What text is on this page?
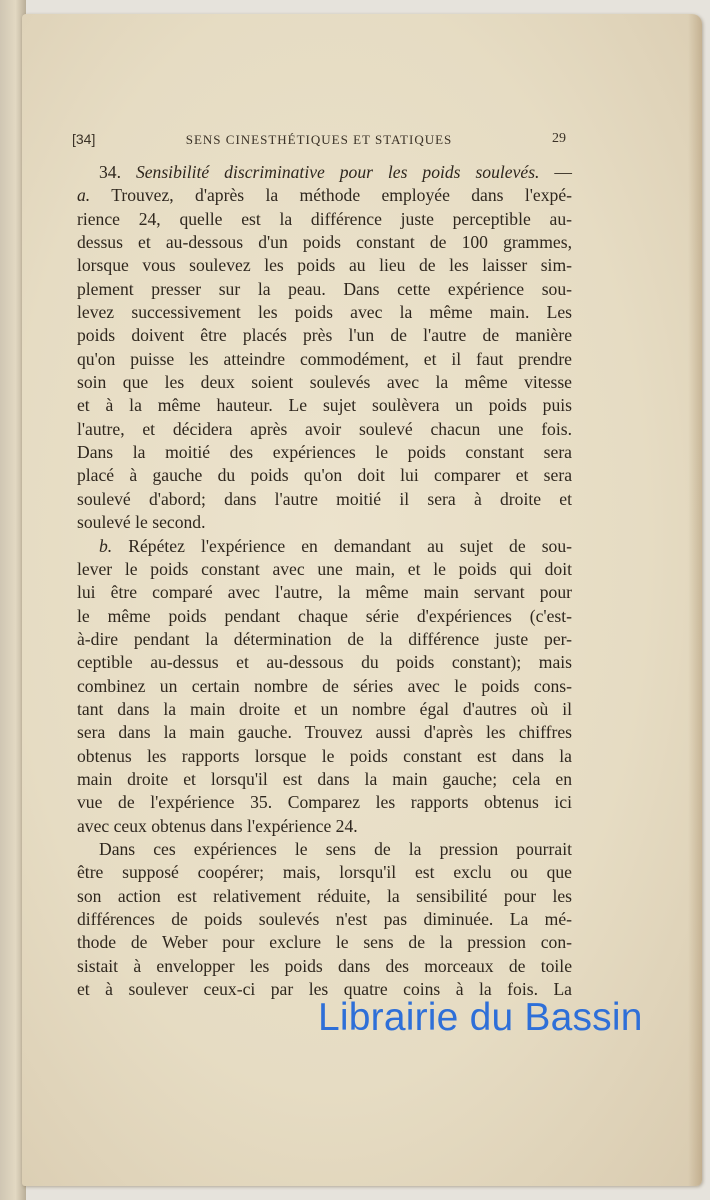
[34]	SENS CINESTHÉTIQUES ET STATIQUES	29
34. Sensibilité discriminative pour les poids soulevés. —
a. Trouvez, d'après la méthode employée dans l'expé-
rience 24, quelle est la différence juste perceptible au-
dessus et au-dessous d'un poids constant de 100 grammes,
lorsque vous soulevez les poids au lieu de les laisser sim-
plement presser sur la peau. Dans cette expérience sou-
levez successivement les poids avec la même main. Les
poids doivent être placés près l'un de l'autre de manière
qu'on puisse les atteindre commodément, et il faut prendre
soin que les deux soient soulevés avec la même vitesse
et à la même hauteur. Le sujet soulèvera un poids puis
l'autre, et décidera après avoir soulevé chacun une fois.
Dans la moitié des expériences le poids constant sera
placé à gauche du poids qu'on doit lui comparer et sera
soulevé d'abord; dans l'autre moitié il sera à droite et
soulevé le second.
b. Répétez l'expérience en demandant au sujet de sou-
lever le poids constant avec une main, et le poids qui doit
lui être comparé avec l'autre, la même main servant pour
le même poids pendant chaque série d'expériences (c'est-
à-dire pendant la détermination de la différence juste per-
ceptible au-dessus et au-dessous du poids constant); mais
combinez un certain nombre de séries avec le poids cons-
tant dans la main droite et un nombre égal d'autres où il
sera dans la main gauche. Trouvez aussi d'après les chiffres
obtenus les rapports lorsque le poids constant est dans la
main droite et lorsqu'il est dans la main gauche; cela en
vue de l'expérience 35. Comparez les rapports obtenus ici
avec ceux obtenus dans l'expérience 24.
Dans ces expériences le sens de la pression pourrait
être supposé coopérer; mais, lorsqu'il est exclu ou que
son action est relativement réduite, la sensibilité pour les
différences de poids soulevés n'est pas diminuée. La mé-
thode de Weber pour exclure le sens de la pression con-
sistait à envelopper les poids dans des morceaux de toile
et à soulever ceux-ci par les quatre coins à la fois. La
Librairie du Bassin
